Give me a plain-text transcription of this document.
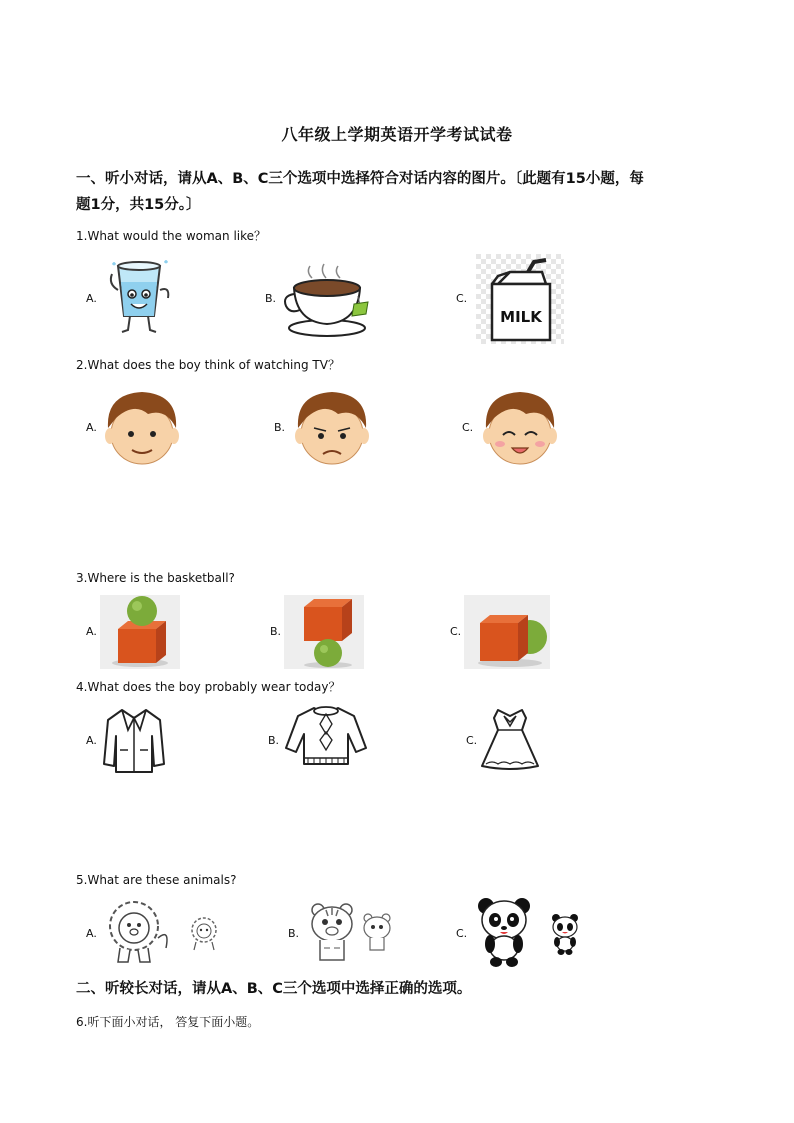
八年级上学期英语开学考试试卷
一、听小对话，请从A、B、C三个选项中选择符合对话内容的图片。〔此题有15小题，每
题1分，共15分。〕
1.What would the woman like？
A.	B.	C.
MILK
2.What does the boy think of watching TV？
A.	B.	C.
3.Where is the basketball?
A.	B.	C.
4.What does the boy probably wear today？
A.	B.	C.
5.What are these animals?
A.	B.	C.
二、听较长对话，请从A、B、C三个选项中选择正确的选项。
6.听下面小对话， 答复下面小题。
